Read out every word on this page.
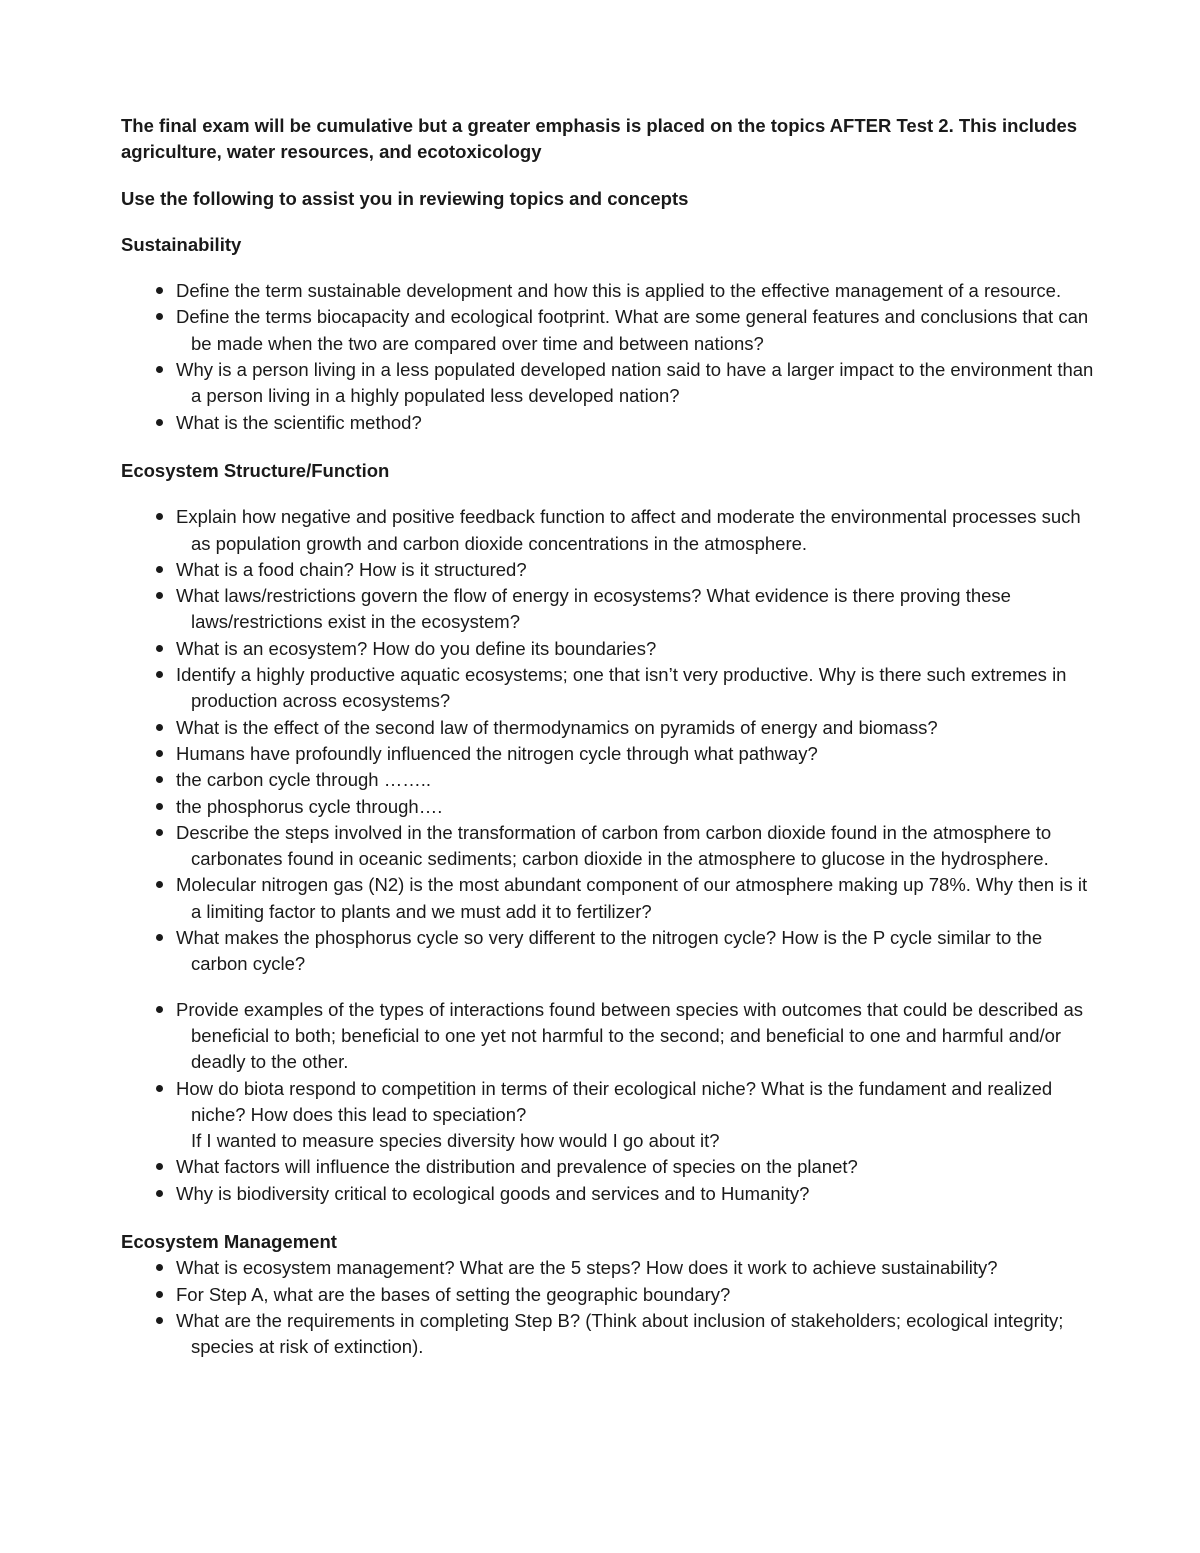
The final exam will be cumulative but a greater emphasis is placed on the topics AFTER Test 2. This includes agriculture, water resources, and ecotoxicology

Use the following to assist you in reviewing topics and concepts

Sustainability

Define the term sustainable development and how this is applied to the effective management of a resource.
Define the terms biocapacity and ecological footprint. What are some general features and conclusions that can be made when the two are compared over time and between nations?
Why is a person living in a less populated developed nation said to have a larger impact to the environment than a person living in a highly populated less developed nation?
What is the scientific method?

Ecosystem Structure/Function

Explain how negative and positive feedback function to affect and moderate the environmental processes such as population growth and carbon dioxide concentrations in the atmosphere.
What is a food chain? How is it structured?
What laws/restrictions govern the flow of energy in ecosystems? What evidence is there proving these laws/restrictions exist in the ecosystem?
What is an ecosystem? How do you define its boundaries?
Identify a highly productive aquatic ecosystems; one that isn’t very productive. Why is there such extremes in production across ecosystems?
What is the effect of the second law of thermodynamics on pyramids of energy and biomass?
Humans have profoundly influenced the nitrogen cycle through what pathway?
the carbon cycle through ……..
the phosphorus cycle through….
Describe the steps involved in the transformation of carbon from carbon dioxide found in the atmosphere to carbonates found in oceanic sediments; carbon dioxide in the atmosphere to glucose in the hydrosphere.
Molecular nitrogen gas (N2) is the most abundant component of our atmosphere making up 78%. Why then is it a limiting factor to plants and we must add it to fertilizer?
What makes the phosphorus cycle so very different to the nitrogen cycle? How is the P cycle similar to the carbon cycle?
Provide examples of the types of interactions found between species with outcomes that could be described as beneficial to both; beneficial to one yet not harmful to the second; and beneficial to one and harmful and/or deadly to the other.
How do biota respond to competition in terms of their ecological niche? What is the fundament and realized niche? How does this lead to speciation?
If I wanted to measure species diversity how would I go about it?
What factors will influence the distribution and prevalence of species on the planet?
Why is biodiversity critical to ecological goods and services and to Humanity?

Ecosystem Management

What is ecosystem management? What are the 5 steps? How does it work to achieve sustainability?
For Step A, what are the bases of setting the geographic boundary?
What are the requirements in completing Step B? (Think about inclusion of stakeholders; ecological integrity; species at risk of extinction).
